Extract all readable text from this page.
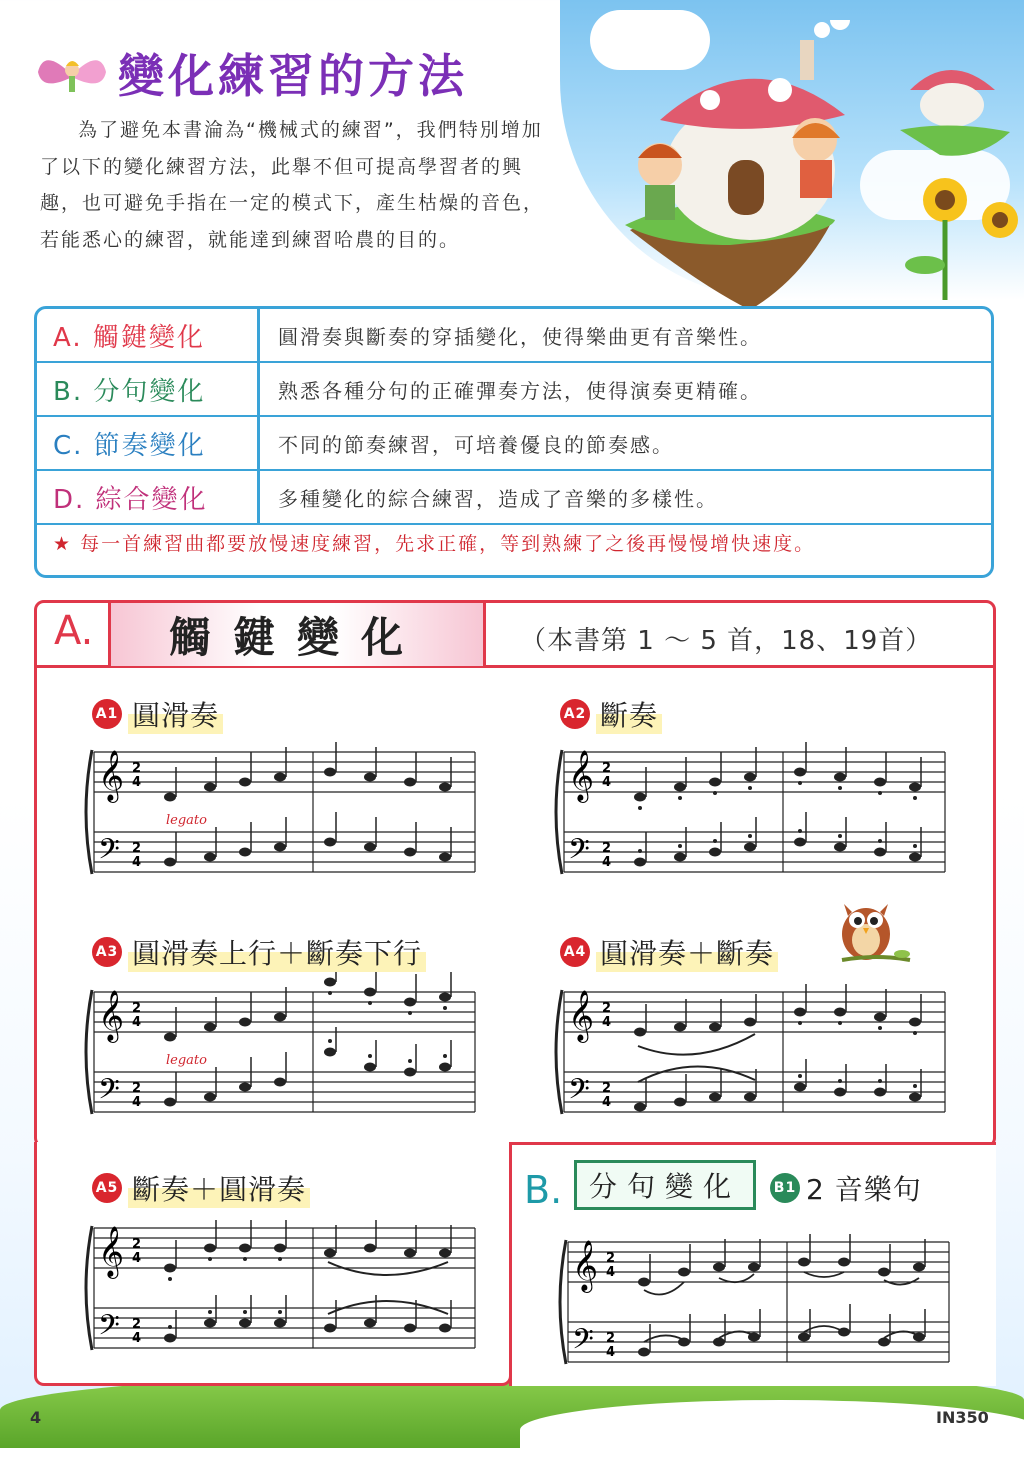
變化練習的方法

為了避免本書淪為“機械式的練習”，我們特別增加了以下的變化練習方法，此舉不但可提高學習者的興趣，也可避免手指在一定的模式下，產生枯燥的音色，若能悉心的練習，就能達到練習哈農的目的。

A. 觸鍵變化	圓滑奏與斷奏的穿插變化，使得樂曲更有音樂性。
B. 分句變化	熟悉各種分句的正確彈奏方法，使得演奏更精確。
C. 節奏變化	不同的節奏練習，可培養優良的節奏感。
D. 綜合變化	多種變化的綜合練習，造成了音樂的多樣性。
★ 每一首練習曲都要放慢速度練習，先求正確，等到熟練了之後再慢慢增快速度。
A.	觸鍵變化	（本書第 1 ～ 5 首，18、19首）
A1 圓滑奏
𝄞
𝄢
2
4
2
4
legato
A2 斷奏
𝄞
𝄢
2
4
2
4
A3 圓滑奏上行＋斷奏下行
𝄞
𝄢
2
4
2
4
legato
A4 圓滑奏＋斷奏
𝄞
𝄢
2
4
2
4
A5 斷奏＋圓滑奏
𝄞
𝄢
2
4
2
4
B. 分句變化	B1 2 音樂句
𝄞
𝄢
2
4
2
4
4	IN350
